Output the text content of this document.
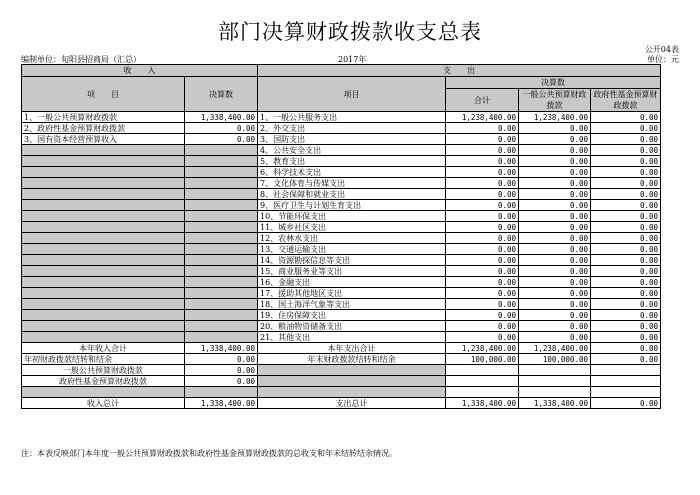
部门决算财政拨款收支总表
公开04表
编制单位：旬阳县招商局（汇总）	2017年	单位：元
收　　入		支　　出			
项　　目	决算数	项目	决算数		
			合计	一般公共预算财政拨款	政府性基金预算财政拨款

1、一般公共预算财政拨款	1,338,400.00	1、一般公共服务支出	1,238,400.00	1,238,400.00	0.00
2、政府性基金预算财政拨款	0.00	2、外交支出	0.00	0.00	0.00
3、国有资本经营预算收入	0.00	3、国防支出	0.00	0.00	0.00
		4、公共安全支出	0.00	0.00	0.00
		5、教育支出	0.00	0.00	0.00
		6、科学技术支出	0.00	0.00	0.00
		7、文化体育与传媒支出	0.00	0.00	0.00
		8、社会保障和就业支出	0.00	0.00	0.00
		9、医疗卫生与计划生育支出	0.00	0.00	0.00
		10、节能环保支出	0.00	0.00	0.00
		11、城乡社区支出	0.00	0.00	0.00
		12、农林水支出	0.00	0.00	0.00
		13、交通运输支出	0.00	0.00	0.00
		14、资源勘探信息等支出	0.00	0.00	0.00
		15、商业服务业等支出	0.00	0.00	0.00
		16、金融支出	0.00	0.00	0.00
		17、援助其他地区支出	0.00	0.00	0.00
		18、国土海洋气象等支出	0.00	0.00	0.00
		19、住房保障支出	0.00	0.00	0.00
		20、粮油物资储备支出	0.00	0.00	0.00
		21、其他支出	0.00	0.00	0.00
本年收入合计	1,338,400.00	本年支出合计	1,238,400.00	1,238,400.00	0.00
年初财政拨款结转和结余	0.00	年末财政拨款结转和结余	100,000.00	100,000.00	0.00
一般公共预算财政拨款	0.00				
政府性基金预算财政拨款	0.00				

收入总计	1,338,400.00	支出总计	1,338,400.00	1,338,400.00	0.00
注：本表反映部门本年度一般公共预算财政拨款和政府性基金预算财政拨款的总收支和年末结转结余情况。
